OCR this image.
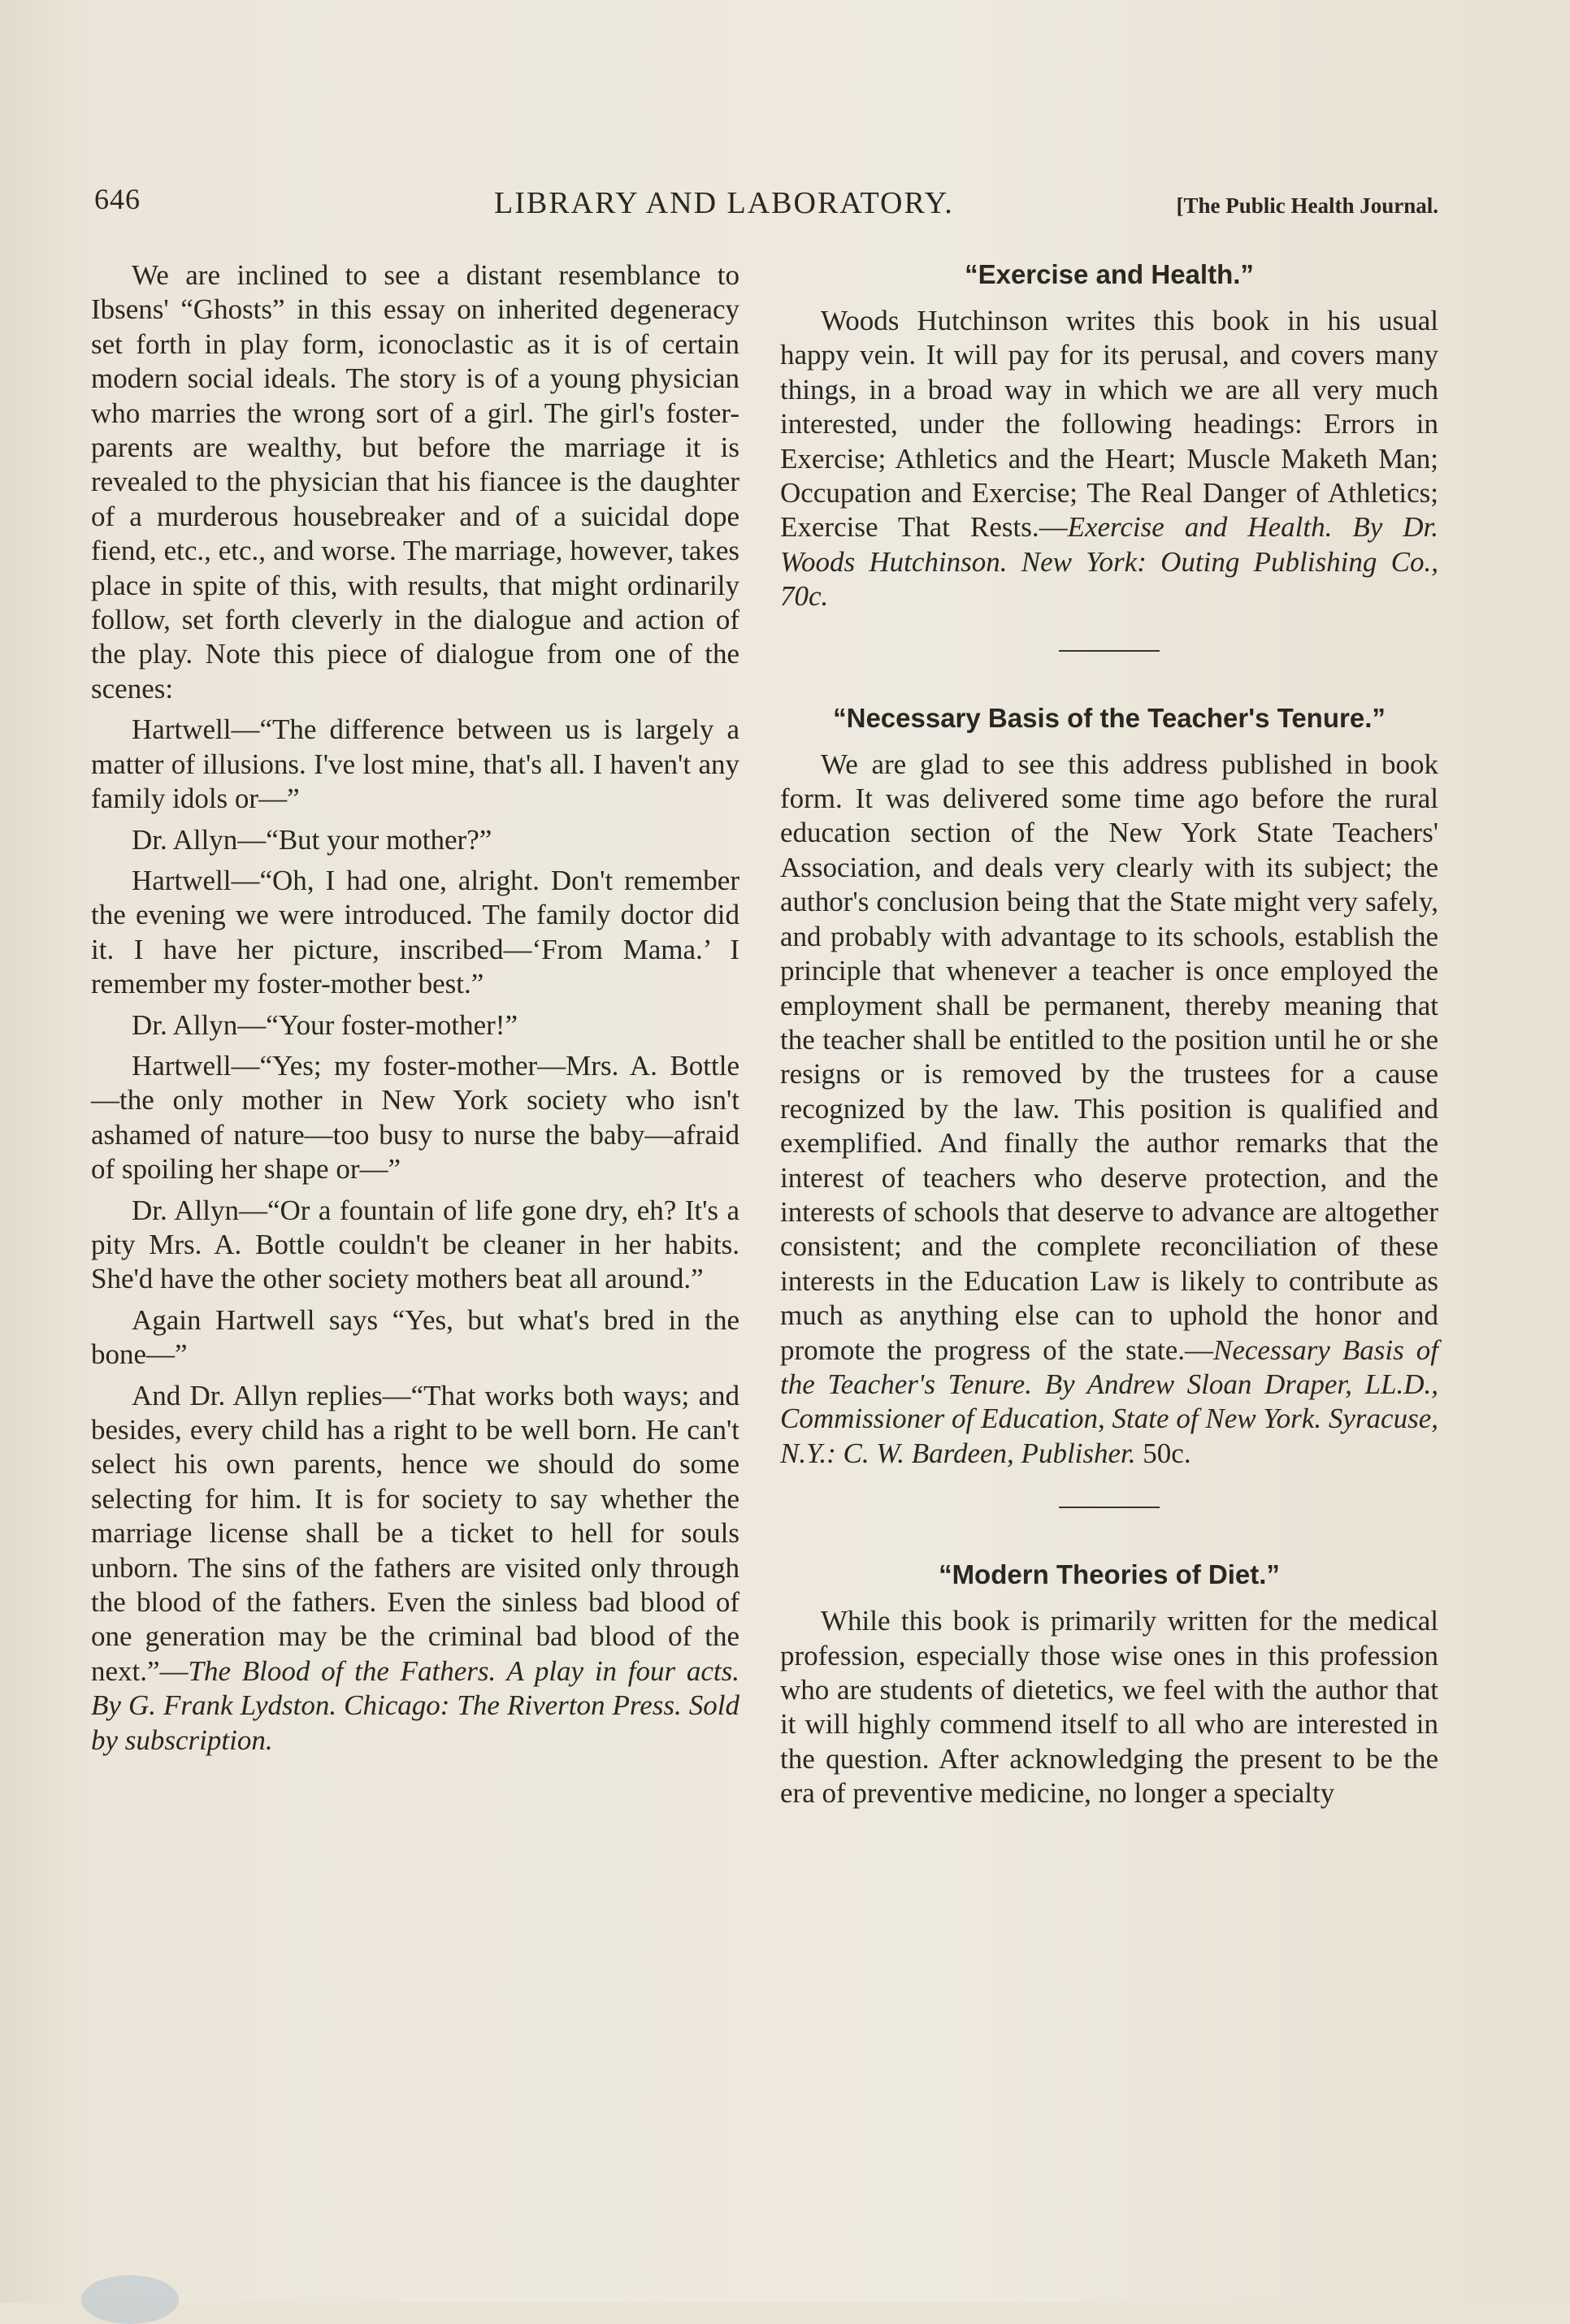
646	LIBRARY AND LABORATORY.	[The Public Health Journal.

We are inclined to see a distant resemblance to Ibsens' “Ghosts” in this essay on inherited degeneracy set forth in play form, iconoclastic as it is of certain modern social ideals. The story is of a young physician who marries the wrong sort of a girl. The girl's foster-parents are wealthy, but before the marriage it is revealed to the physician that his fiancee is the daughter of a murderous housebreaker and of a suicidal dope fiend, etc., etc., and worse. The marriage, however, takes place in spite of this, with results, that might ordinarily follow, set forth cleverly in the dialogue and action of the play. Note this piece of dialogue from one of the scenes:

Hartwell—“The difference between us is largely a matter of illusions. I've lost mine, that's all. I haven't any family idols or—”

Dr. Allyn—“But your mother?”

Hartwell—“Oh, I had one, alright. Don't remember the evening we were introduced. The family doctor did it. I have her picture, inscribed—‘From Mama.’ I remember my foster-mother best.”

Dr. Allyn—“Your foster-mother!”

Hartwell—“Yes; my foster-mother—Mrs. A. Bottle—the only mother in New York society who isn't ashamed of nature—too busy to nurse the baby—afraid of spoiling her shape or—”

Dr. Allyn—“Or a fountain of life gone dry, eh? It's a pity Mrs. A. Bottle couldn't be cleaner in her habits. She'd have the other society mothers beat all around.”

Again Hartwell says “Yes, but what's bred in the bone—”

And Dr. Allyn replies—“That works both ways; and besides, every child has a right to be well born. He can't select his own parents, hence we should do some selecting for him. It is for society to say whether the marriage license shall be a ticket to hell for souls unborn. The sins of the fathers are visited only through the blood of the fathers. Even the sinless bad blood of one generation may be the criminal bad blood of the next.”—The Blood of the Fathers. A play in four acts. By G. Frank Lydston. Chicago: The Riverton Press. Sold by subscription.

“Exercise and Health.”

Woods Hutchinson writes this book in his usual happy vein. It will pay for its perusal, and covers many things, in a broad way in which we are all very much interested, under the following headings: Errors in Exercise; Athletics and the Heart; Muscle Maketh Man; Occupation and Exercise; The Real Danger of Athletics; Exercise That Rests.—Exercise and Health. By Dr. Woods Hutchinson. New York: Outing Publishing Co., 70c.

“Necessary Basis of the Teacher's Tenure.”

We are glad to see this address published in book form. It was delivered some time ago before the rural education section of the New York State Teachers' Association, and deals very clearly with its subject; the author's conclusion being that the State might very safely, and probably with advantage to its schools, establish the principle that whenever a teacher is once employed the employment shall be permanent, thereby meaning that the teacher shall be entitled to the position until he or she resigns or is removed by the trustees for a cause recognized by the law. This position is qualified and exemplified. And finally the author remarks that the interest of teachers who deserve protection, and the interests of schools that deserve to advance are altogether consistent; and the complete reconciliation of these interests in the Education Law is likely to contribute as much as anything else can to uphold the honor and promote the progress of the state.—Necessary Basis of the Teacher's Tenure. By Andrew Sloan Draper, LL.D., Commissioner of Education, State of New York. Syracuse, N.Y.: C. W. Bardeen, Publisher. 50c.

“Modern Theories of Diet.”

While this book is primarily written for the medical profession, especially those wise ones in this profession who are students of dietetics, we feel with the author that it will highly commend itself to all who are interested in the question. After acknowledging the present to be the era of preventive medicine, no longer a specialty
